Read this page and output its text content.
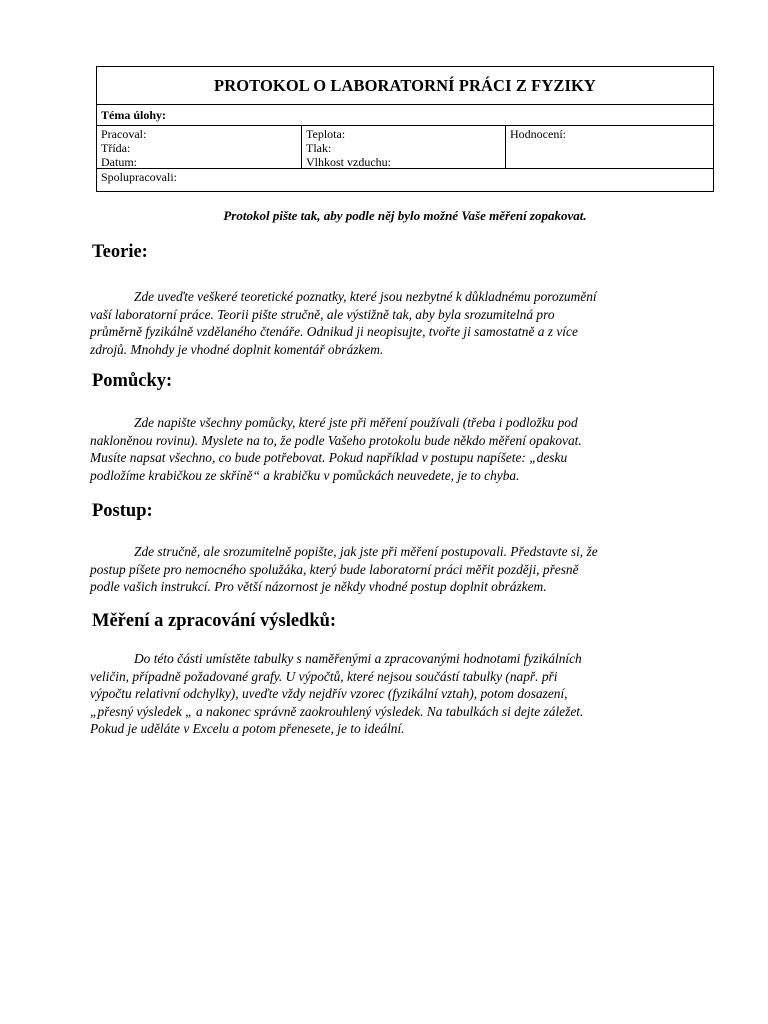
PROTOKOL O LABORATORNÍ PRÁCI Z FYZIKY
Téma úlohy:
Pracoval:
Třída:
Datum:
Teplota:
Tlak:
Vlhkost vzduchu:
Hodnocení:
Spolupracovali:
Protokol pište tak, aby podle něj bylo možné Vaše měření zopakovat.
Teorie:
Zde uveďte veškeré teoretické poznatky, které jsou nezbytné k důkladnému porozumění
vaší laboratorní práce. Teorii pište stručně, ale výstižně tak, aby byla srozumitelná pro
průměrně fyzikálně vzdělaného čtenáře. Odnikud ji neopisujte, tvořte ji samostatně a z více
zdrojů. Mnohdy je vhodné doplnit komentář obrázkem.
Pomůcky:
Zde napište všechny pomůcky, které jste při měření používali (třeba i podložku pod
nakloněnou rovinu). Myslete na to, že podle Vašeho protokolu bude někdo měření opakovat.
Musíte napsat všechno, co bude potřebovat. Pokud například v postupu napíšete: „desku
podložíme krabičkou ze skříně“ a krabičku v pomůckách neuvedete, je to chyba.
Postup:
Zde stručně, ale srozumitelně popište, jak jste při měření postupovali. Představte si, že
postup píšete pro nemocného spolužáka, který bude laboratorní práci měřit později, přesně
podle vašich instrukcí. Pro větší názornost je někdy vhodné postup doplnit obrázkem.
Měření a zpracování výsledků:
Do této části umístěte tabulky s naměřenými a zpracovanými hodnotami fyzikálních
veličin, případně požadované grafy. U výpočtů, které nejsou součástí tabulky (např. při
výpočtu relativní odchylky), uveďte vždy nejdřív vzorec (fyzikální vztah), potom dosazení,
„přesný výsledek „ a nakonec správně zaokrouhlený výsledek. Na tabulkách si dejte záležet.
Pokud je uděláte v Excelu a potom přenesete, je to ideální.
